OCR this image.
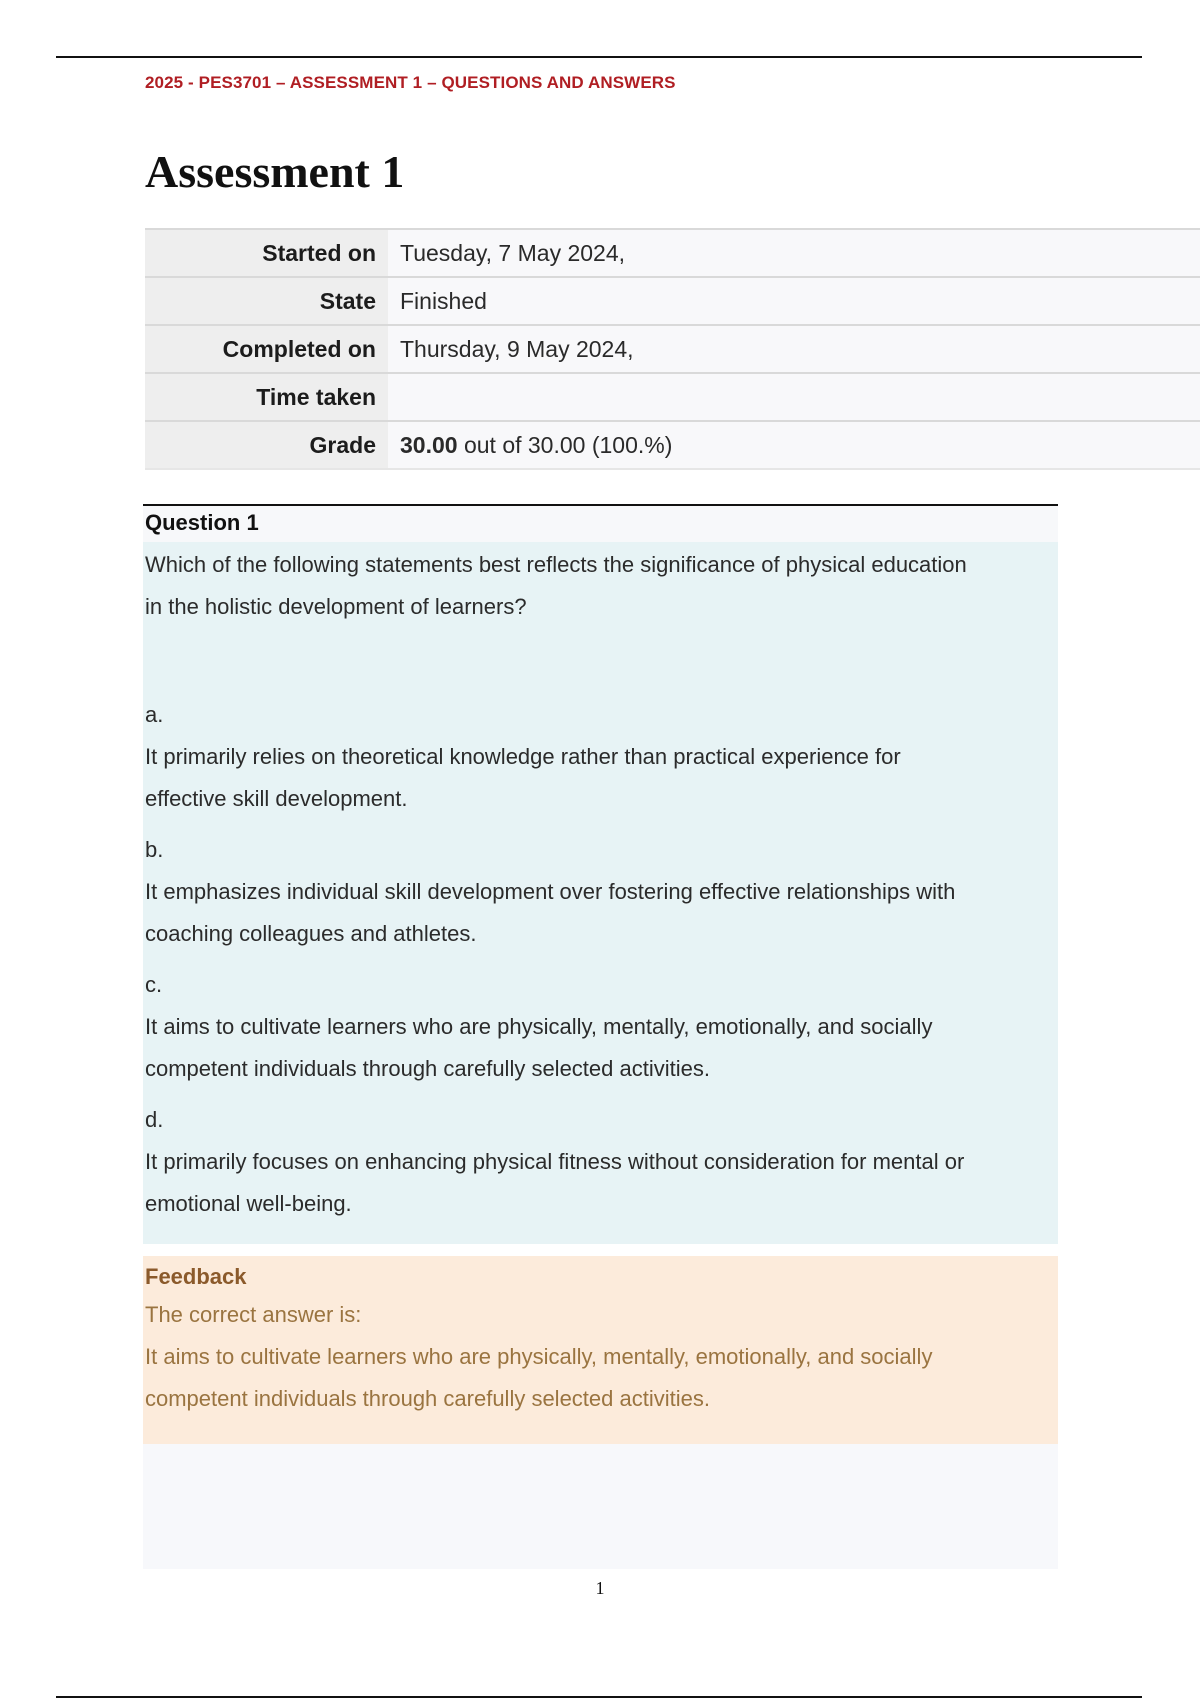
2025 - PES3701 – ASSESSMENT 1 – QUESTIONS AND ANSWERS
Assessment 1
Started on	Tuesday, 7 May 2024,
State	Finished
Completed on	Thursday, 9 May 2024,
Time taken	
Grade	30.00 out of 30.00 (100.%)
Question 1

Which of the following statements best reflects the significance of physical education
in the holistic development of learners?

a.
It primarily relies on theoretical knowledge rather than practical experience for
effective skill development.
b.
It emphasizes individual skill development over fostering effective relationships with
coaching colleagues and athletes.
c.
It aims to cultivate learners who are physically, mentally, emotionally, and socially
competent individuals through carefully selected activities.
d.
It primarily focuses on enhancing physical fitness without consideration for mental or
emotional well-being.
Feedback
The correct answer is:
It aims to cultivate learners who are physically, mentally, emotionally, and socially
competent individuals through carefully selected activities.
1
